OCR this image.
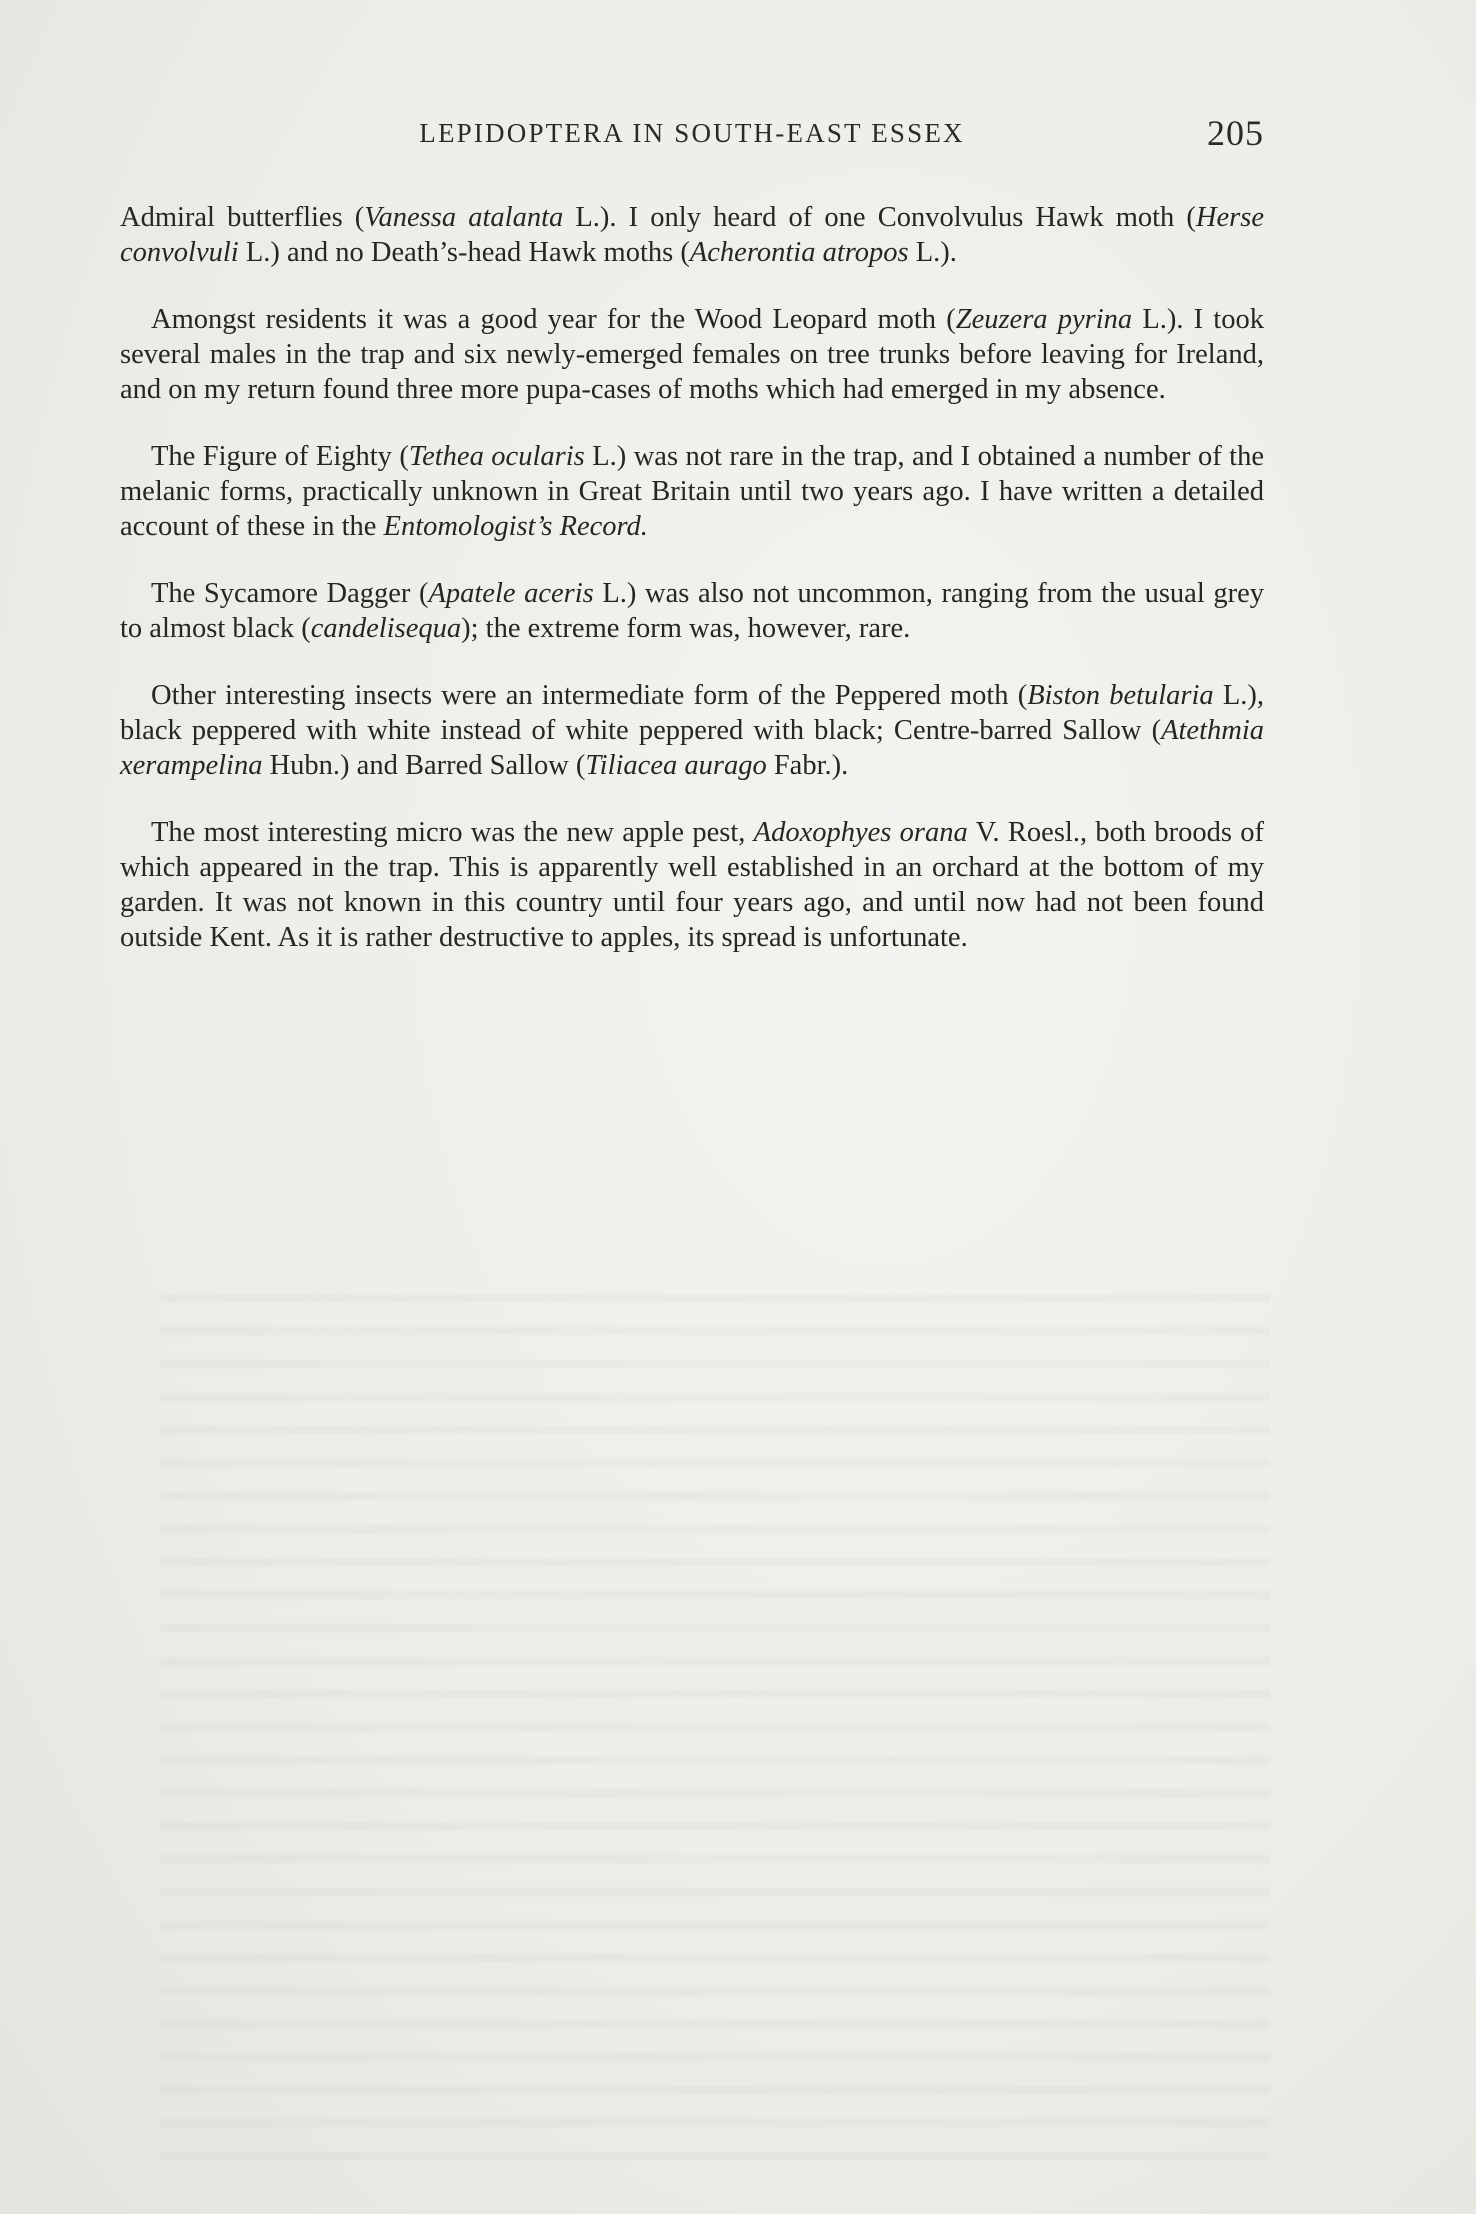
LEPIDOPTERA IN SOUTH-EAST ESSEX	205

Admiral butterflies (Vanessa atalanta L.). I only heard of one Convolvulus Hawk moth (Herse convolvuli L.) and no Death’s-head Hawk moths (Acherontia atropos L.).

Amongst residents it was a good year for the Wood Leopard moth (Zeuzera pyrina L.). I took several males in the trap and six newly-emerged females on tree trunks before leaving for Ireland, and on my return found three more pupa-cases of moths which had emerged in my absence.

The Figure of Eighty (Tethea ocularis L.) was not rare in the trap, and I obtained a number of the melanic forms, practically unknown in Great Britain until two years ago. I have written a detailed account of these in the Entomologist’s Record.

The Sycamore Dagger (Apatele aceris L.) was also not uncommon, ranging from the usual grey to almost black (candelisequa); the extreme form was, however, rare.

Other interesting insects were an intermediate form of the Peppered moth (Biston betularia L.), black peppered with white instead of white peppered with black; Centre-barred Sallow (Atethmia xerampelina Hubn.) and Barred Sallow (Tiliacea aurago Fabr.).

The most interesting micro was the new apple pest, Adoxophyes orana V. Roesl., both broods of which appeared in the trap. This is apparently well established in an orchard at the bottom of my garden. It was not known in this country until four years ago, and until now had not been found outside Kent. As it is rather destructive to apples, its spread is unfortunate.
